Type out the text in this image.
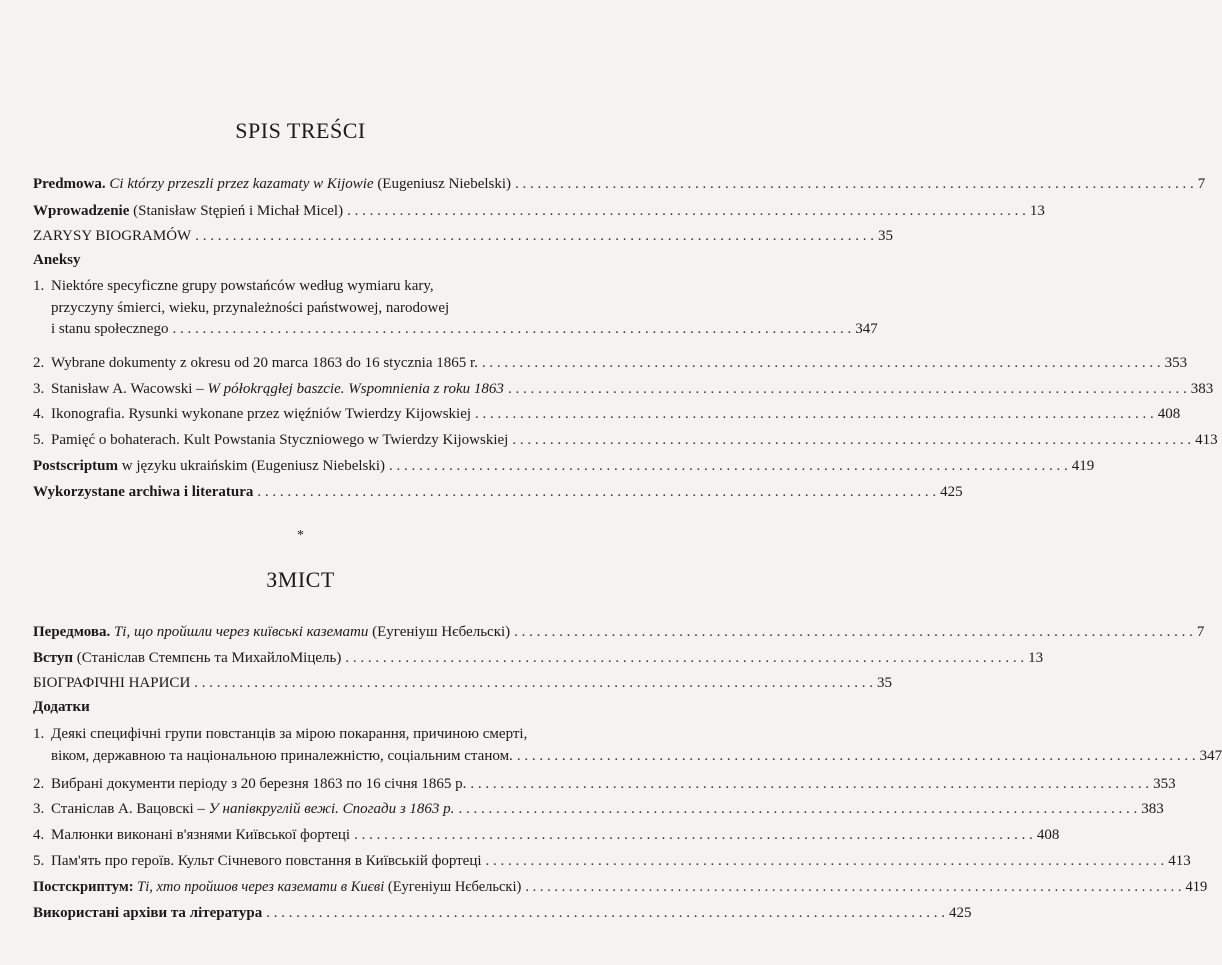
SPIS TREŚCI
Predmowa. Ci którzy przeszli przez kazamaty w Kijowie (Eugeniusz Niebelski) . . .	7
Wprowadzenie (Stanisław Stępień i Michał Micel) . . .	13
ZARYSY BIOGRAMÓW . . .	35
Aneksy
1. Niektóre specyficzne grupy powstańców według wymiaru kary,
przyczyny śmierci, wieku, przynależności państwowej, narodowej
i stanu społecznego . . .	347
2. Wybrane dokumenty z okresu od 20 marca 1863 do 16 stycznia 1865 r. . . .	353
3. Stanisław A. Wacowski – W półokrągłej baszcie. Wspomnienia z roku 1863 . . .	383
4. Ikonografia. Rysunki wykonane przez więźniów Twierdzy Kijowskiej . . .	408
5. Pamięć o bohaterach. Kult Powstania Styczniowego w Twierdzy Kijowskiej . . .	413
Postscriptum w języku ukraińskim (Eugeniusz Niebelski) . . .	419
Wykorzystane archiwa i literatura . . .	425
*
ЗМІСТ
Передмова. Ті, що пройшли через київські каземати (Еугеніуш Нєбельскі) . . .	7
Вступ (Станіслав Стемпєнь та МихайлоМіцель) . . .	13
БІОГРАФІЧНІ НАРИСИ . . .	35
Додатки
1. Деякі специфічні групи повстанців за мірою покарання, причиною смерті,
віком, державною та національною приналежністю, соціальним станом. . . .	347
2. Вибрані документи періоду з 20 березня 1863 по 16 січня 1865 р. . . .	353
3. Станіслав А. Вацовскі – У напівкруглій вежі. Спогади з 1863 р. . . .	383
4. Малюнки виконані в'язнями Київської фортеці . . .	408
5. Пам'ять про героїв. Культ Січневого повстання в Київській фортеці . . .	413
Постскриптум: Ті, хто пройшов через каземати в Києві (Еугеніуш Нєбельскі) . . .	419
Використані архіви та література . . .	425
